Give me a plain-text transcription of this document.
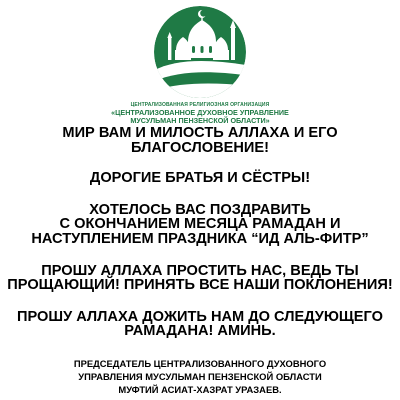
ЦЕНТРАЛИЗОВАННАЯ РЕЛИГИОЗНАЯ ОРГАНИЗАЦИЯ
«ЦЕНТРАЛИЗОВАННОЕ ДУХОВНОЕ УПРАВЛЕНИЕ
МУСУЛЬМАН ПЕНЗЕНСКОЙ ОБЛАСТИ»

МИР ВАМ И МИЛОСТЬ АЛЛАХА И ЕГО

БЛАГОСЛОВЕНИЕ!

ДОРОГИЕ БРАТЬЯ И СЁСТРЫ!

ХОТЕЛОСЬ ВАС ПОЗДРАВИТЬ

С ОКОНЧАНИЕМ МЕСЯЦА РАМАДАН И

НАСТУПЛЕНИЕМ ПРАЗДНИКА “ИД АЛЬ-ФИТР”

ПРОШУ АЛЛАХА ПРОСТИТЬ НАС, ВЕДЬ ТЫ

ПРОЩАЮЩИЙ! ПРИНЯТЬ ВСЕ НАШИ ПОКЛОНЕНИЯ!

ПРОШУ АЛЛАХА ДОЖИТЬ НАМ ДО СЛЕДУЮЩЕГО

РАМАДАНА! АМИНЬ.

ПРЕДСЕДАТЕЛЬ ЦЕНТРАЛИЗОВАННОГО ДУХОВНОГО
УПРАВЛЕНИЯ МУСУЛЬМАН ПЕНЗЕНСКОЙ ОБЛАСТИ
МУФТИЙ АСИАТ-ХАЗРАТ УРАЗАЕВ.
